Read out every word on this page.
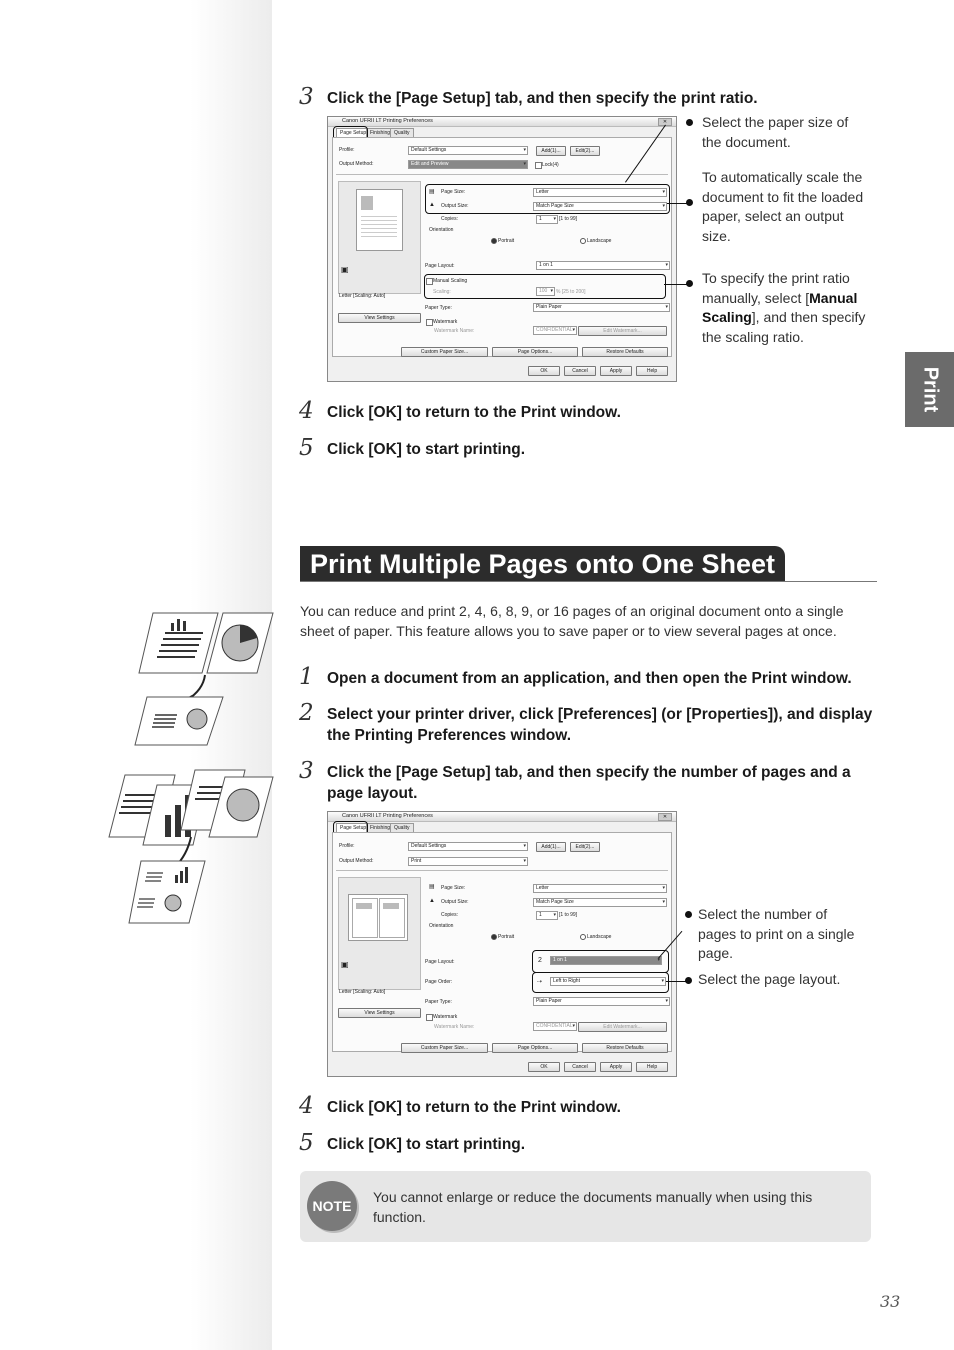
3 Click the [Page Setup] tab, and then specify the print ratio.
Canon UFRII LT Printing Preferences	✕
Page Setup Finishing Quality
Profile:	Default Settings ▾	Add(1)...	Edit(2)...
Output Method:	Edit and Preview ▾	Lock(4)
▣
Letter [Scaling: Auto]
View Settings
▤ Page Size:	Letter ▾
▲ Output Size:	Match Page Size ▾
Copies:	1 ▾	[1 to 99]
Orientation
Portrait	Landscape
Page Layout:	1 on 1 ▾
Manual Scaling
Scaling:	100 ▾	% [25 to 200]
Paper Type:	Plain Paper ▾
Watermark
Watermark Name:	CONFIDENTIAL ▾	Edit Watermark...
Custom Paper Size...	Page Options...	Restore Defaults
OK	Cancel	Apply	Help
Select the paper size of the document.
To automatically scale the document to fit the loaded paper, select an output size.
To specify the print ratio manually, select [Manual Scaling], and then specify the scaling ratio.
4 Click [OK] to return to the Print window.
5 Click [OK] to start printing.
Print
Print Multiple Pages onto One Sheet
You can reduce and print 2, 4, 6, 8, 9, or 16 pages of an original document onto a single sheet of paper. This feature allows you to save paper or to view several pages at once.
1 Open a document from an application, and then open the Print window.
2 Select your printer driver, click [Preferences] (or [Properties]), and display the Printing Preferences window.
3 Click the [Page Setup] tab, and then specify the number of pages and a page layout.
Canon UFRII LT Printing Preferences	✕
Page Setup Finishing Quality
Profile:	Default Settings ▾	Add(1)...	Edit(2)...
Output Method:	Print ▾
▣
Letter [Scaling: Auto]
View Settings
▤ Page Size:	Letter ▾
▲ Output Size:	Match Page Size ▾
Copies:	1 ▾	[1 to 99]
Orientation
Portrait	Landscape
Page Layout:	2	1 on 1 ▾
Page Order:	⇢	Left to Right ▾
Paper Type:	Plain Paper ▾
Watermark
Watermark Name:	CONFIDENTIAL ▾	Edit Watermark...
Custom Paper Size...	Page Options...	Restore Defaults
OK	Cancel	Apply	Help
Select the number of pages to print on a single page.
Select the page layout.
4 Click [OK] to return to the Print window.
5 Click [OK] to start printing.
NOTE
You cannot enlarge or reduce the documents manually when using this function.
33
